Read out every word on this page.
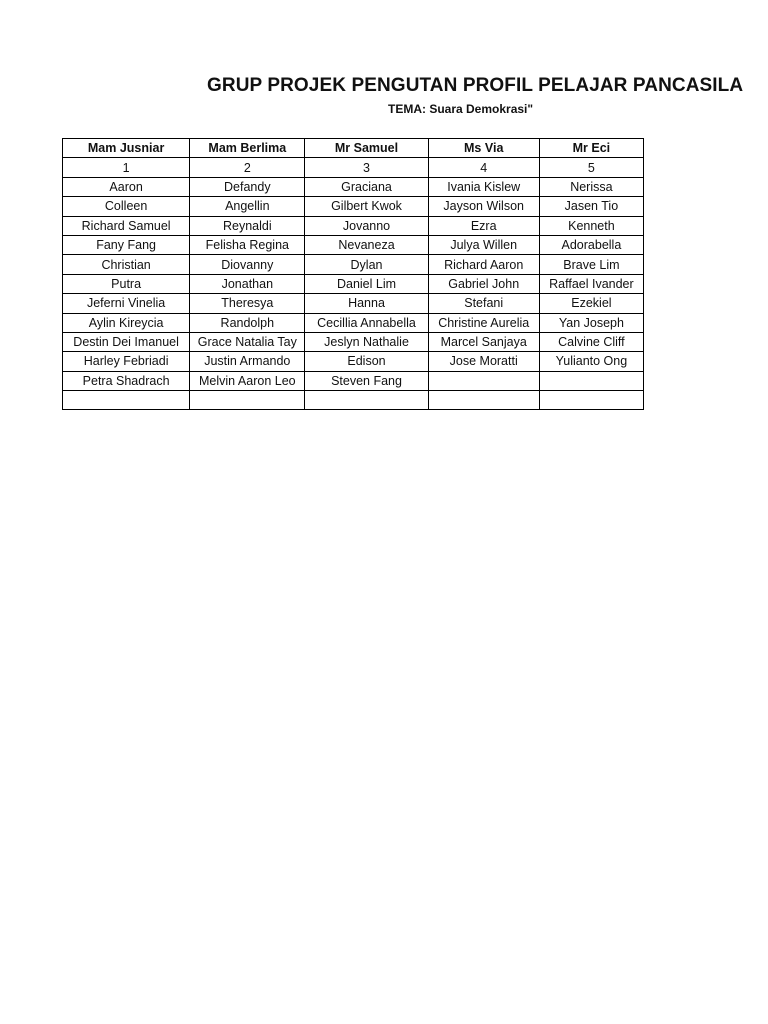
GRUP PROJEK PENGUTAN PROFIL PELAJAR PANCASILA
TEMA: Suara Demokrasi"
Mam Jusniar	Mam Berlima	Mr Samuel	Ms Via	Mr Eci
1	2	3	4	5
Aaron	Defandy	Graciana	Ivania Kislew	Nerissa
Colleen	Angellin	Gilbert Kwok	Jayson Wilson	Jasen Tio
Richard Samuel	Reynaldi	Jovanno	Ezra	Kenneth
Fany Fang	Felisha Regina	Nevaneza	Julya Willen	Adorabella
Christian	Diovanny	Dylan	Richard Aaron	Brave Lim
Putra	Jonathan	Daniel Lim	Gabriel John	Raffael Ivander
Jeferni Vinelia	Theresya	Hanna	Stefani	Ezekiel
Aylin Kireycia	Randolph	Cecillia Annabella	Christine Aurelia	Yan Joseph
Destin Dei Imanuel	Grace Natalia Tay	Jeslyn Nathalie	Marcel Sanjaya	Calvine Cliff
Harley Febriadi	Justin Armando	Edison	Jose Moratti	Yulianto Ong
Petra Shadrach	Melvin Aaron Leo	Steven Fang		
